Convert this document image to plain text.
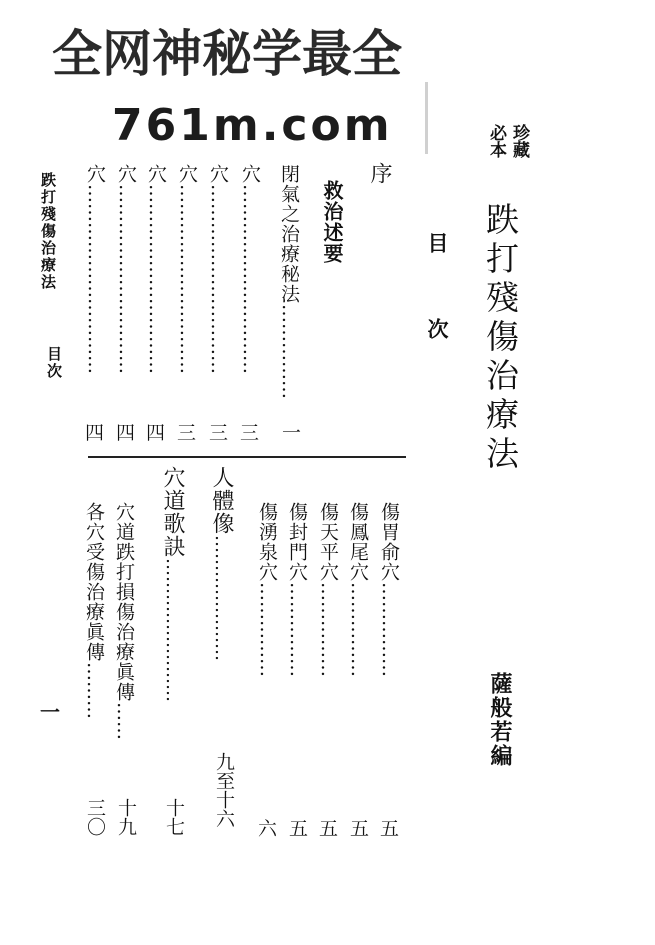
全网神秘学最全
761m.com	珍藏
必本
跌打殘傷治療法
薩般若編
目
次
序
救治述要
閉氣之治療秘法……………
一
穴…………………………
三
穴…………………………
三
穴…………………………
三
穴…………………………
四
穴…………………………
四
穴…………………………
四
跌打殘傷治療法
目次
傷胃俞穴……………
五
傷鳳尾穴……………
五
傷天平穴……………
五
傷封門穴……………
五
傷湧泉穴……………
六
人體像…………………
九至十六
穴道歌訣……………………
十七
穴道跌打損傷治療眞傳……
十九
各穴受傷治療眞傳………
三〇
一
